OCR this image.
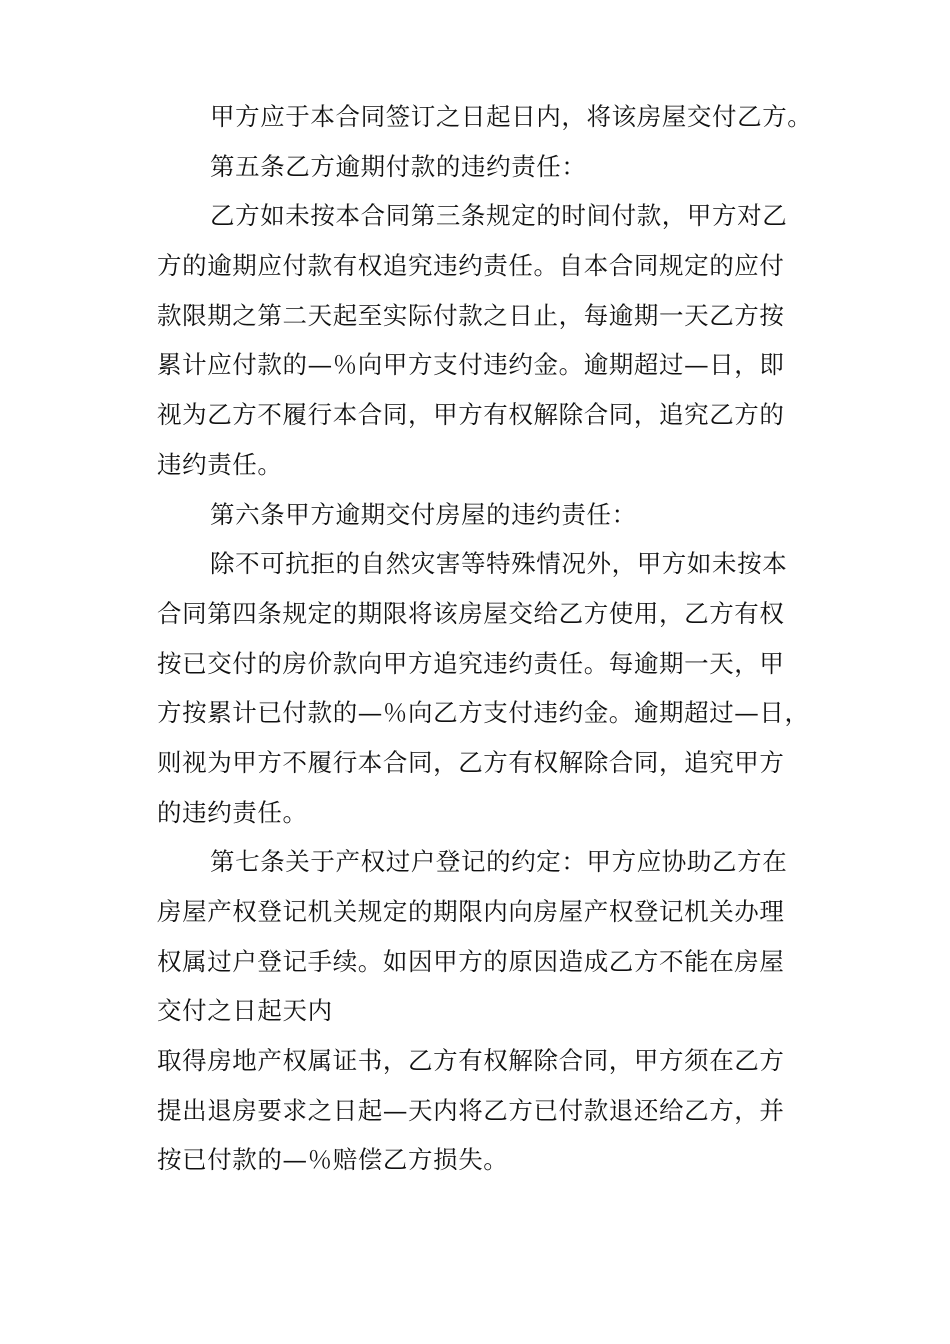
甲方应于本合同签订之日起日内，将该房屋交付乙方。
第五条乙方逾期付款的违约责任：
乙方如未按本合同第三条规定的时间付款，甲方对乙
方的逾期应付款有权追究违约责任。自本合同规定的应付
款限期之第二天起至实际付款之日止，每逾期一天乙方按
累计应付款的—％向甲方支付违约金。逾期超过—日，即
视为乙方不履行本合同，甲方有权解除合同，追究乙方的
违约责任。
第六条甲方逾期交付房屋的违约责任：
除不可抗拒的自然灾害等特殊情况外，甲方如未按本
合同第四条规定的期限将该房屋交给乙方使用，乙方有权
按已交付的房价款向甲方追究违约责任。每逾期一天，甲
方按累计已付款的—％向乙方支付违约金。逾期超过—日，
则视为甲方不履行本合同，乙方有权解除合同，追究甲方
的违约责任。
第七条关于产权过户登记的约定：甲方应协助乙方在
房屋产权登记机关规定的期限内向房屋产权登记机关办理
权属过户登记手续。如因甲方的原因造成乙方不能在房屋
交付之日起天内
取得房地产权属证书，乙方有权解除合同，甲方须在乙方
提出退房要求之日起—天内将乙方已付款退还给乙方，并
按已付款的—％赔偿乙方损失。
